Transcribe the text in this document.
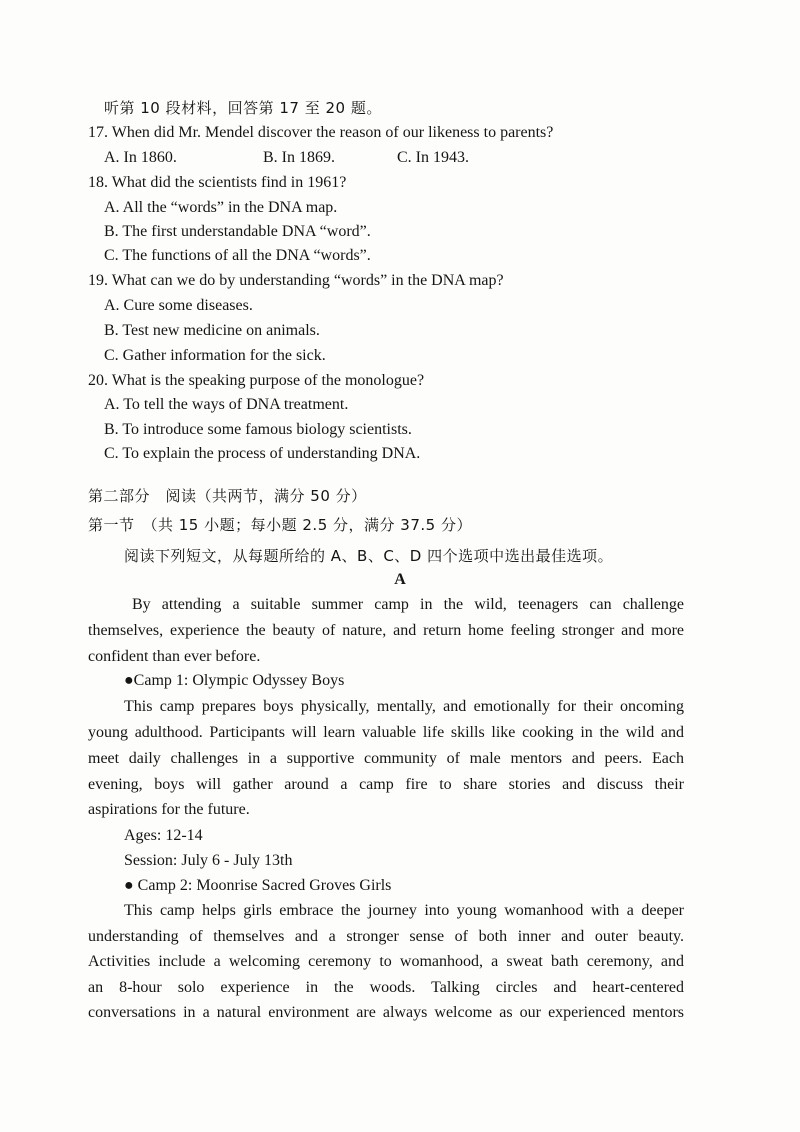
听第 10 段材料，回答第 17 至 20 题。
17. When did Mr. Mendel discover the reason of our likeness to parents?
A. In 1860.	B. In 1869.	C. In 1943.
18. What did the scientists find in 1961?
A. All the “words” in the DNA map.
B. The first understandable DNA “word”.
C. The functions of all the DNA “words”.
19. What can we do by understanding “words” in the DNA map?
A. Cure some diseases.
B. Test new medicine on animals.
C. Gather information for the sick.
20. What is the speaking purpose of the monologue?
A. To tell the ways of DNA treatment.
B. To introduce some famous biology scientists.
C. To explain the process of understanding DNA.
第二部分　阅读（共两节，满分 50 分）
第一节　（共 15 小题；每小题 2.5 分，满分 37.5 分）
阅读下列短文，从每题所给的 A、B、C、D 四个选项中选出最佳选项。
A
By attending a suitable summer camp in the wild, teenagers can challenge
themselves, experience the beauty of nature, and return home feeling stronger and more
confident than ever before.
●Camp 1: Olympic Odyssey Boys
This camp prepares boys physically, mentally, and emotionally for their oncoming
young adulthood. Participants will learn valuable life skills like cooking in the wild and
meet daily challenges in a supportive community of male mentors and peers. Each
evening, boys will gather around a camp fire to share stories and discuss their
aspirations for the future.
Ages: 12-14
Session: July 6 - July 13th
● Camp 2: Moonrise Sacred Groves Girls
This camp helps girls embrace the journey into young womanhood with a deeper
understanding of themselves and a stronger sense of both inner and outer beauty.
Activities include a welcoming ceremony to womanhood, a sweat bath ceremony, and
an 8-hour solo experience in the woods. Talking circles and heart-centered
conversations in a natural environment are always welcome as our experienced mentors
